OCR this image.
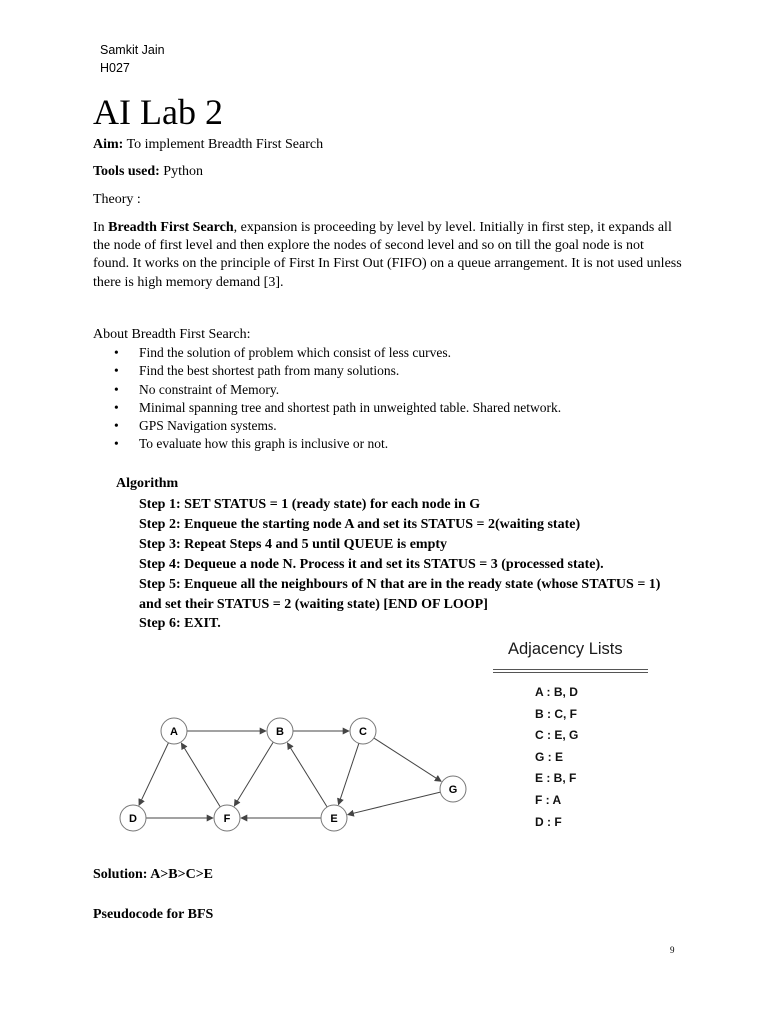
Samkit Jain
H027
AI Lab 2
Aim: To implement Breadth First Search
Tools used: Python
Theory :
In Breadth First Search, expansion is proceeding by level by level. Initially in first step, it expands all the node of first level and then explore the nodes of second level and so on till the goal node is not found. It works on the principle of First In First Out (FIFO) on a queue arrangement. It is not used unless there is high memory demand [3].
About Breadth First Search:
• Find the solution of problem which consist of less curves.
• Find the best shortest path from many solutions.
• No constraint of Memory.
• Minimal spanning tree and shortest path in unweighted table. Shared network.
• GPS Navigation systems.
• To evaluate how this graph is inclusive or not.
Algorithm
Step 1: SET STATUS = 1 (ready state) for each node in G
Step 2: Enqueue the starting node A and set its STATUS = 2(waiting state)
Step 3: Repeat Steps 4 and 5 until QUEUE is empty
Step 4: Dequeue a node N. Process it and set its STATUS = 3 (processed state).
Step 5: Enqueue all the neighbours of N that are in the ready state (whose STATUS = 1) and set their STATUS = 2 (waiting state) [END OF LOOP]
Step 6: EXIT.
A	B	C
D	E
F
G
Adjacency Lists
A : B, D
B : C, F
C : E, G
G : E
E : B, F
F : A
D : F
Solution: A>B>C>E
Pseudocode for BFS
9
